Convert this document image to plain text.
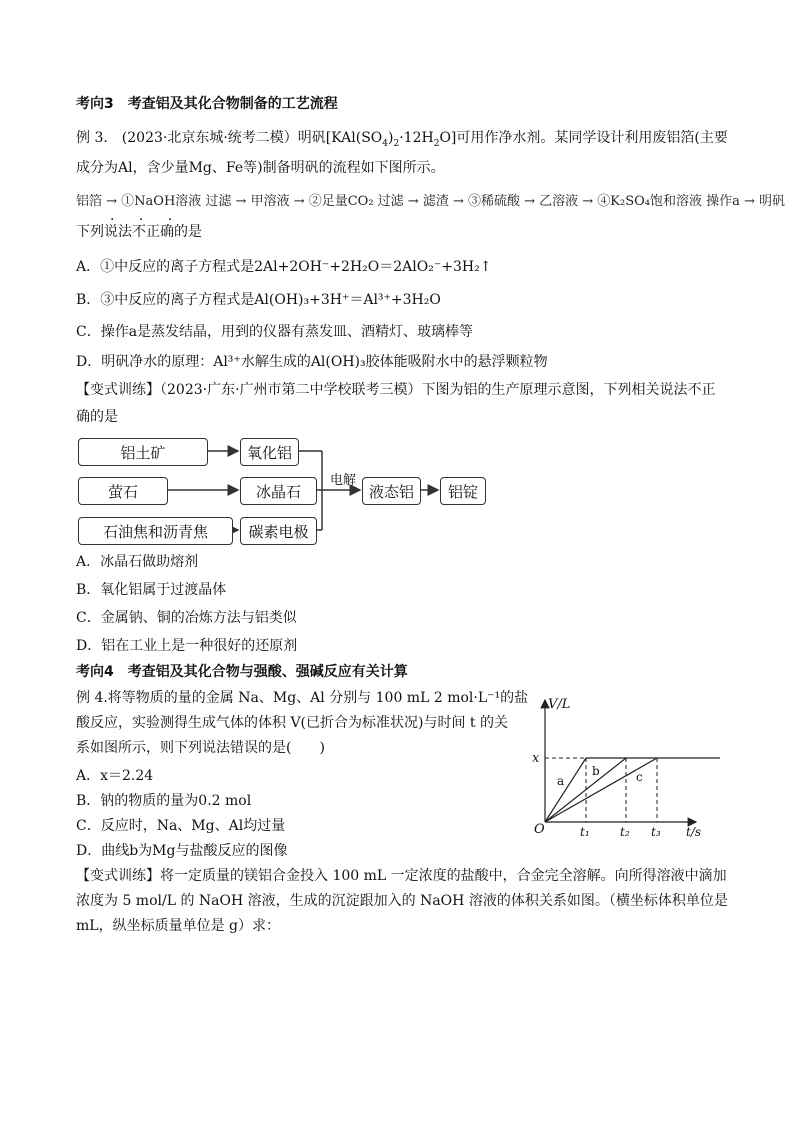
考向3　考查铝及其化合物制备的工艺流程
例 3.　(2023·北京东城·统考二模）明矾$[KAl(SO_4)_2\cdot 12H_2O]$可用作净水剂。某同学设计利用废铝箔(主要
成分为Al，含少量Mg、Fe等)制备明矾的流程如下图所示。
铝箔 → ①NaOH溶液 过滤 → 甲溶液 → ②足量CO₂ 过滤 → 滤渣 → ③稀硫酸 → 乙溶液 → ④K₂SO₄饱和溶液 操作a → 明矾
下列说法不正确的是
· · ·
A．①中反应的离子方程式是2Al+2OH⁻+2H₂O＝2AlO₂⁻+3H₂↑
B．③中反应的离子方程式是Al(OH)₃+3H⁺＝Al³⁺+3H₂O
C．操作a是蒸发结晶，用到的仪器有蒸发皿、酒精灯、玻璃棒等
D．明矾净水的原理：Al³⁺水解生成的Al(OH)₃胶体能吸附水中的悬浮颗粒物
【变式训练】（2023·广东·广州市第二中学校联考三模）下图为铝的生产原理示意图，下列相关说法不正
确的是
铝土矿
萤石
石油焦和沥青焦
氧化铝
冰晶石
碳素电极
电解
液态铝	铝锭
A．冰晶石做助熔剂
B．氧化铝属于过渡晶体
C．金属钠、铜的冶炼方法与铝类似
D．铝在工业上是一种很好的还原剂
考向4　考查铝及其化合物与强酸、强碱反应有关计算
例 4.将等物质的量的金属 Na、Mg、Al 分别与 100 mL 2 mol·L⁻¹的盐
酸反应，实验测得生成气体的体积 V(已折合为标准状况)与时间 t 的关
系如图所示，则下列说法错误的是(　　)
A．x＝2.24
B．钠的物质的量为0.2 mol
C．反应时，Na、Mg、Al均过量
D．曲线b为Mg与盐酸反应的图像
V/L
t/s
O
x
t₁	t₂ t₃
a
b	c
【变式训练】将一定质量的镁铝合金投入 100 mL 一定浓度的盐酸中，合金完全溶解。向所得溶液中滴加
浓度为 5 mol/L 的 NaOH 溶液，生成的沉淀跟加入的 NaOH 溶液的体积关系如图。（横坐标体积单位是
mL，纵坐标质量单位是 g）求：
